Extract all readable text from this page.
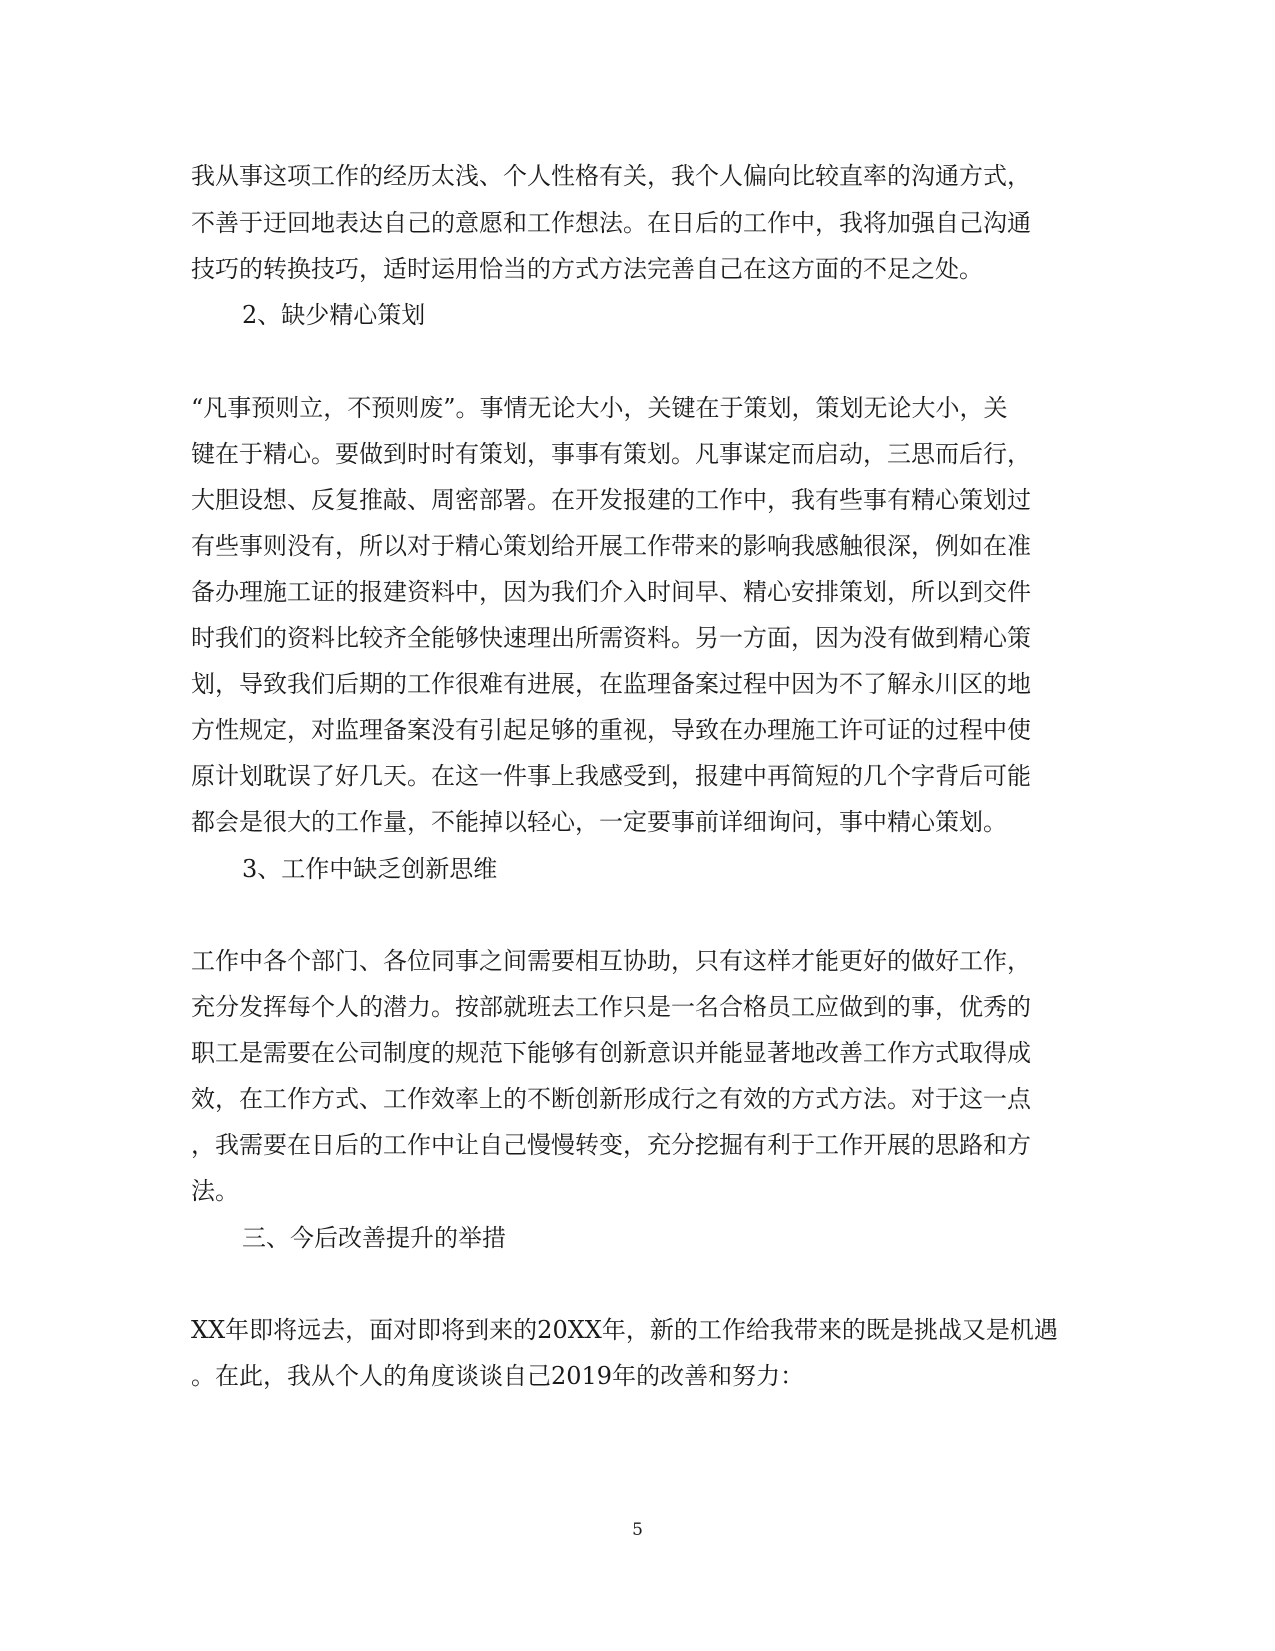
我从事这项工作的经历太浅、个人性格有关，我个人偏向比较直率的沟通方式，
不善于迂回地表达自己的意愿和工作想法。在日后的工作中，我将加强自己沟通
技巧的转换技巧，适时运用恰当的方式方法完善自己在这方面的不足之处。
2、缺少精心策划
“凡事预则立，不预则废”。事情无论大小，关键在于策划，策划无论大小，关
键在于精心。要做到时时有策划，事事有策划。凡事谋定而启动，三思而后行，
大胆设想、反复推敲、周密部署。在开发报建的工作中，我有些事有精心策划过
有些事则没有，所以对于精心策划给开展工作带来的影响我感触很深，例如在准
备办理施工证的报建资料中，因为我们介入时间早、精心安排策划，所以到交件
时我们的资料比较齐全能够快速理出所需资料。另一方面，因为没有做到精心策
划，导致我们后期的工作很难有进展，在监理备案过程中因为不了解永川区的地
方性规定，对监理备案没有引起足够的重视，导致在办理施工许可证的过程中使
原计划耽误了好几天。在这一件事上我感受到，报建中再简短的几个字背后可能
都会是很大的工作量，不能掉以轻心，一定要事前详细询问，事中精心策划。
3、工作中缺乏创新思维
工作中各个部门、各位同事之间需要相互协助，只有这样才能更好的做好工作，
充分发挥每个人的潜力。按部就班去工作只是一名合格员工应做到的事，优秀的
职工是需要在公司制度的规范下能够有创新意识并能显著地改善工作方式取得成
效，在工作方式、工作效率上的不断创新形成行之有效的方式方法。对于这一点
，我需要在日后的工作中让自己慢慢转变，充分挖掘有利于工作开展的思路和方
法。
三、今后改善提升的举措
XX年即将远去，面对即将到来的20XX年，新的工作给我带来的既是挑战又是机遇
。在此，我从个人的角度谈谈自己2019年的改善和努力：
5
